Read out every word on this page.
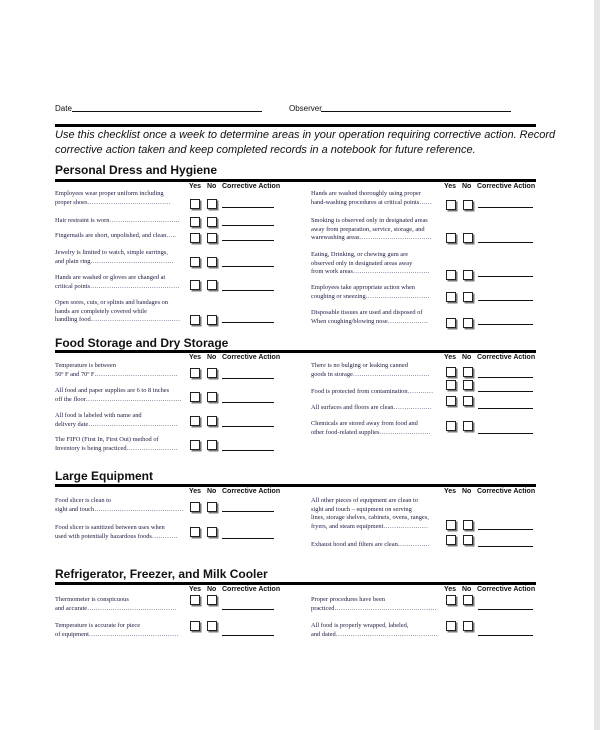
Date	Observer
Use this checklist once a week to determine areas in your operation requiring corrective action. Record corrective action taken and keep completed records in a notebook for future reference.
Personal Dress and Hygiene
Yes No Corrective Action
Employees wear proper uniform including
proper shoes…………………………………
Hair restraint is worn……………………………
Fingernails are short, unpolished, and clean…..
Jewelry is limited to watch, simple earrings,
and plain ring…………………………………
Hands are washed or gloves are changed at
critical points……………………………………
Open sores, cuts, or splints and bandages on
hands are completely covered while
handling food……………………………………
Yes No Corrective Action
Hands are washed thoroughly using proper
hand-washing procedures at critical points……
Smoking is observed only in designated areas
away from preparation, service, storage, and
warewashing areas…………………………….
Eating, Drinking, or chewing gum are
observed only in designated areas away
from work areas………………………………
Employees take appropriate action when
coughing or sneezing…………………………
Disposable tissues are used and disposed of
When coughing/blowing nose……………….
Food Storage and Dry Storage
Yes No Corrective Action
Temperature is between
50º F and 70º F…………………………………
All food and paper supplies are 6 to 8 inches
off the floor………………………………………
All food is labeled with name and
delivery date……………………………………
The FIFO (First In, First Out) method of
Inventory is being practiced……………………
Yes No Corrective Action
There is no bulging or leaking canned
goods in storage………………………………
Food is protected from contamination…………
All surfaces and floors are clean………………
Chemicals are stored away from food and
other food-related supplies……………………
Large Equipment
Yes No Corrective Action
Food slicer is clean to
sight and touch……………………………………
Food slicer is sanitized between uses when
used with potentially hazardous foods…………
Yes No Corrective Action
All other pieces of equipment are clean to
sight and touch – equipment on serving
lines, storage shelves, cabinets, ovens, ranges,
fryers, and steam equipment…………………
Exhaust hood and filters are clean……………
Refrigerator, Freezer, and Milk Cooler
Yes No Corrective Action
Thermometer is conspicuous
and accurate……………………………………
Temperature is accurate for piece
of equipment……………………………………
Yes No Corrective Action
Proper procedures have been
practiced…………………………………………
All food is properly wrapped, labeled,
and dated…………………………………………
